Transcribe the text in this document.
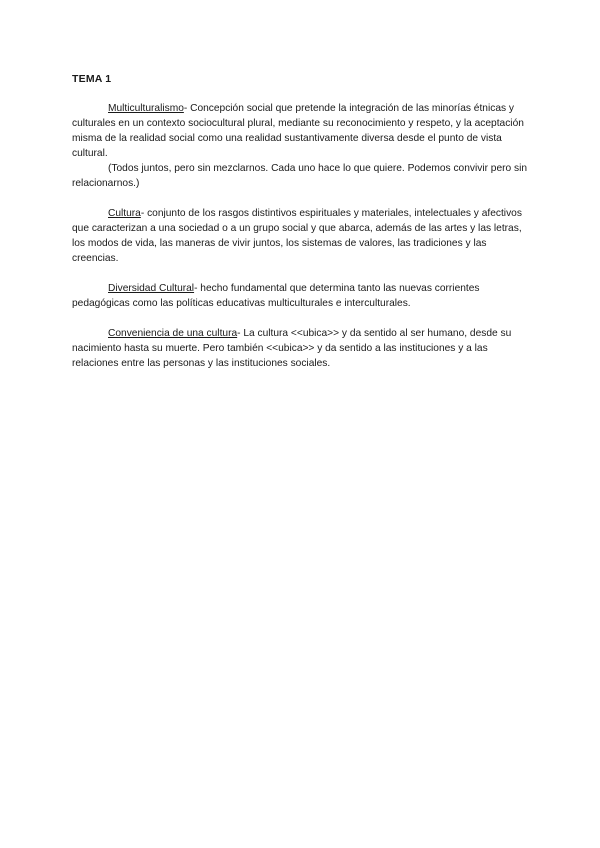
TEMA 1

Multiculturalismo- Concepción social que pretende la integración de las minorías étnicas y culturales en un contexto sociocultural plural, mediante su reconocimiento y respeto, y la aceptación misma de la realidad social como una realidad sustantivamente diversa desde el punto de vista cultural.

(Todos juntos, pero sin mezclarnos. Cada uno hace lo que quiere. Podemos convivir pero sin relacionarnos.)

Cultura- conjunto de los rasgos distintivos espirituales y materiales, intelectuales y afectivos que caracterizan a una sociedad o a un grupo social y que abarca, además de las artes y las letras, los modos de vida, las maneras de vivir juntos, los sistemas de valores, las tradiciones y las creencias.

Diversidad Cultural- hecho fundamental que determina tanto las nuevas corrientes pedagógicas como las políticas educativas multiculturales e interculturales.

Conveniencia de una cultura- La cultura <<ubica>> y da sentido al ser humano, desde su nacimiento hasta su muerte. Pero también <<ubica>> y da sentido a las instituciones y a las relaciones entre las personas y las instituciones sociales.
